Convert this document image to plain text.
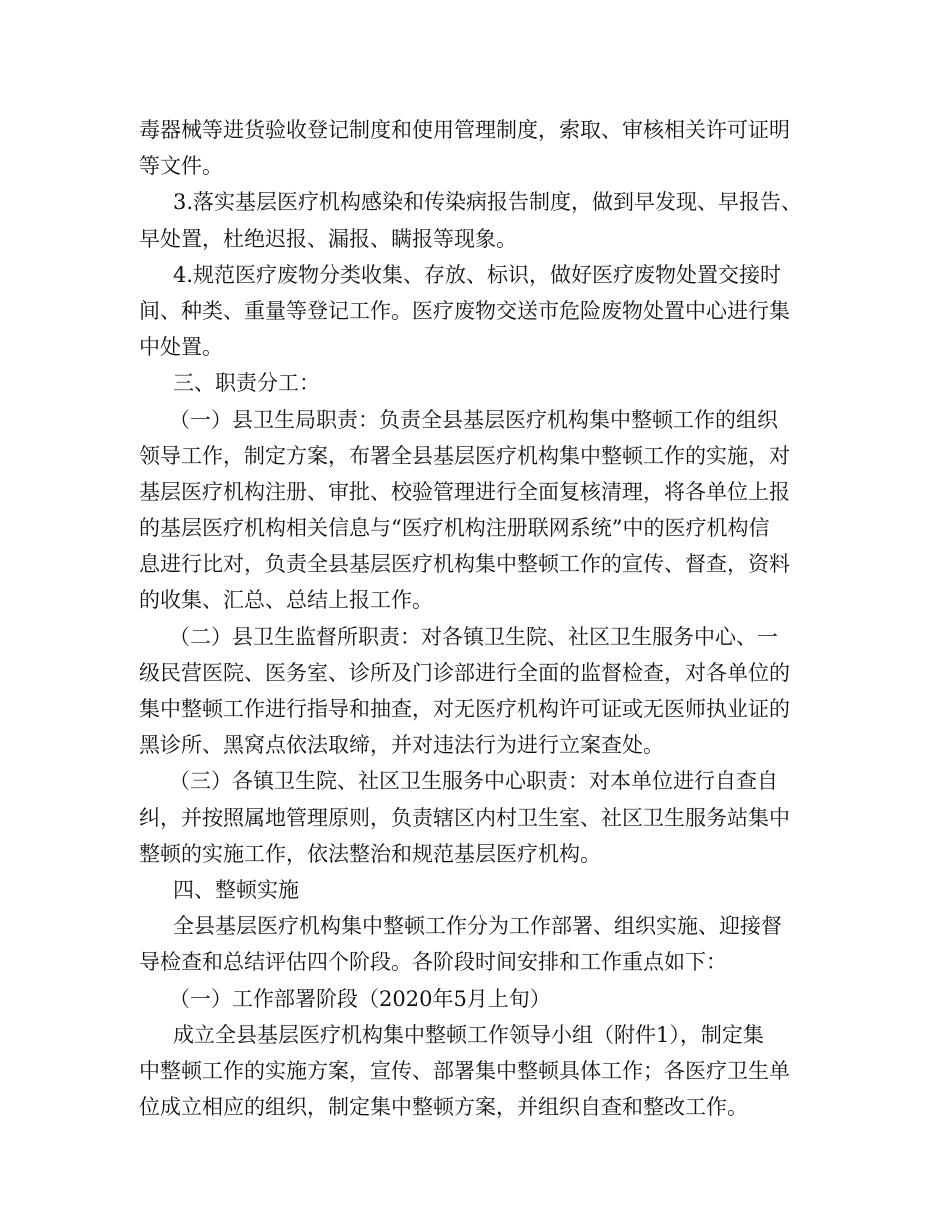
毒器械等进货验收登记制度和使用管理制度，索取、审核相关许可证明
等文件。
3.落实基层医疗机构感染和传染病报告制度，做到早发现、早报告、
早处置，杜绝迟报、漏报、瞒报等现象。
4.规范医疗废物分类收集、存放、标识，做好医疗废物处置交接时
间、种类、重量等登记工作。医疗废物交送市危险废物处置中心进行集
中处置。
三、职责分工：
（一）县卫生局职责：负责全县基层医疗机构集中整顿工作的组织
领导工作，制定方案，布署全县基层医疗机构集中整顿工作的实施，对
基层医疗机构注册、审批、校验管理进行全面复核清理，将各单位上报
的基层医疗机构相关信息与“医疗机构注册联网系统”中的医疗机构信
息进行比对，负责全县基层医疗机构集中整顿工作的宣传、督查，资料
的收集、汇总、总结上报工作。
（二）县卫生监督所职责：对各镇卫生院、社区卫生服务中心、一
级民营医院、医务室、诊所及门诊部进行全面的监督检查，对各单位的
集中整顿工作进行指导和抽查，对无医疗机构许可证或无医师执业证的
黑诊所、黑窝点依法取缔，并对违法行为进行立案查处。
（三）各镇卫生院、社区卫生服务中心职责：对本单位进行自查自
纠，并按照属地管理原则，负责辖区内村卫生室、社区卫生服务站集中
整顿的实施工作，依法整治和规范基层医疗机构。
四、整顿实施
全县基层医疗机构集中整顿工作分为工作部署、组织实施、迎接督
导检查和总结评估四个阶段。各阶段时间安排和工作重点如下：
（一）工作部署阶段（2020年5月上旬）
成立全县基层医疗机构集中整顿工作领导小组（附件1），制定集
中整顿工作的实施方案，宣传、部署集中整顿具体工作；各医疗卫生单
位成立相应的组织，制定集中整顿方案，并组织自查和整改工作。
